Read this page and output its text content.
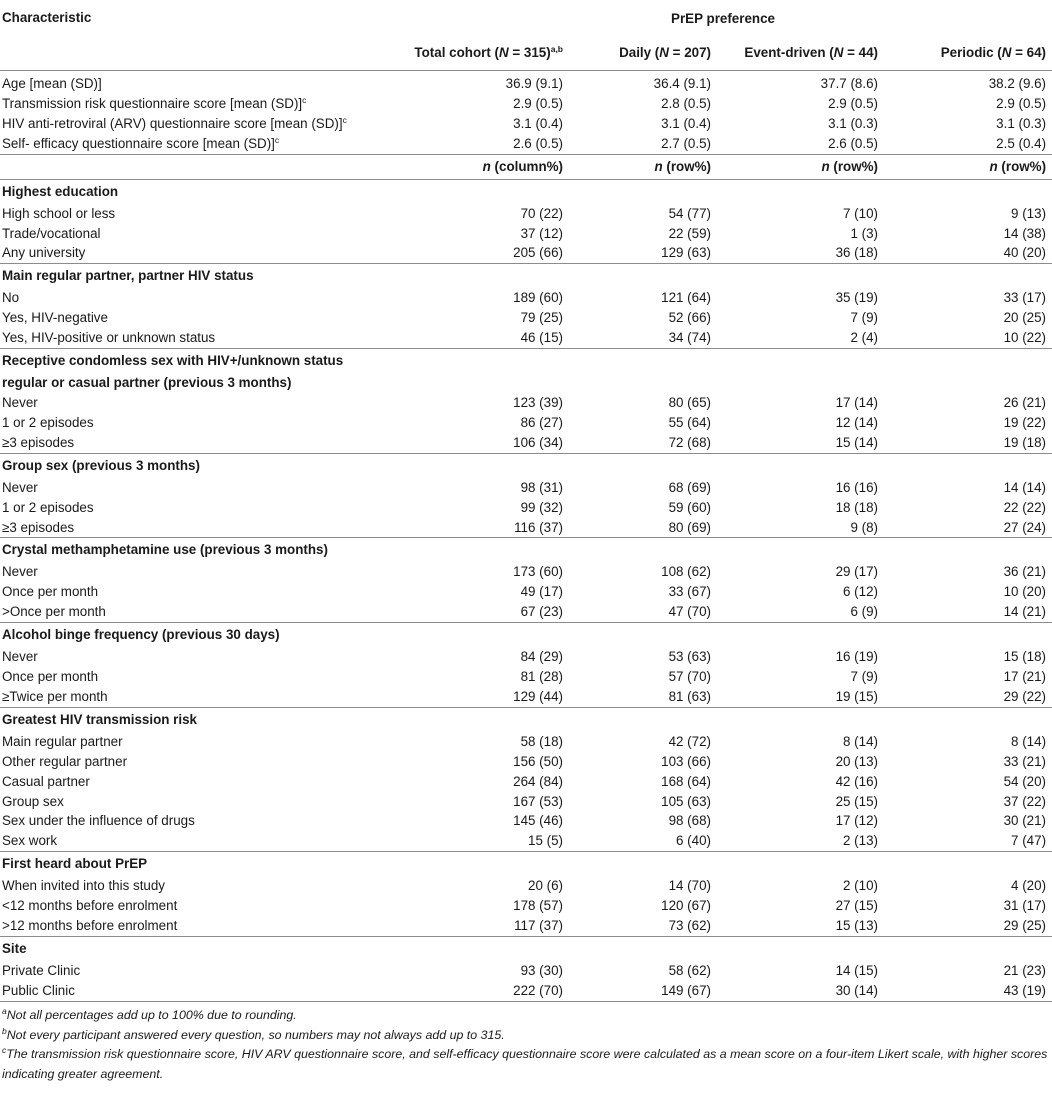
Characteristic	PrEP preference			
	Total cohort (N = 315)$^{a,b}$	Daily (N = 207)	Event-driven (N = 44)	Periodic (N = 64)
Age [mean (SD)]	36.9 (9.1)	36.4 (9.1)	37.7 (8.6)	38.2 (9.6)
Transmission risk questionnaire score [mean (SD)]$^c$	2.9 (0.5)	2.8 (0.5)	2.9 (0.5)	2.9 (0.5)
HIV anti-retroviral (ARV) questionnaire score [mean (SD)]$^c$	3.1 (0.4)	3.1 (0.4)	3.1 (0.3)	3.1 (0.3)
Self- efficacy questionnaire score [mean (SD)]$^c$	2.6 (0.5)	2.7 (0.5)	2.6 (0.5)	2.5 (0.4)
	n (column%)	n (row%)	n (row%)	n (row%)
Highest education				
High school or less	70 (22)	54 (77)	7 (10)	9 (13)
Trade/vocational	37 (12)	22 (59)	1 (3)	14 (38)
Any university	205 (66)	129 (63)	36 (18)	40 (20)
Main regular partner, partner HIV status				
No	189 (60)	121 (64)	35 (19)	33 (17)
Yes, HIV-negative	79 (25)	52 (66)	7 (9)	20 (25)
Yes, HIV-positive or unknown status	46 (15)	34 (74)	2 (4)	10 (22)
Receptive condomless sex with HIV+/unknown status				
regular or casual partner (previous 3 months)				
Never	123 (39)	80 (65)	17 (14)	26 (21)
1 or 2 episodes	86 (27)	55 (64)	12 (14)	19 (22)
≥3 episodes	106 (34)	72 (68)	15 (14)	19 (18)
Group sex (previous 3 months)				
Never	98 (31)	68 (69)	16 (16)	14 (14)
1 or 2 episodes	99 (32)	59 (60)	18 (18)	22 (22)
≥3 episodes	116 (37)	80 (69)	9 (8)	27 (24)
Crystal methamphetamine use (previous 3 months)				
Never	173 (60)	108 (62)	29 (17)	36 (21)
Once per month	49 (17)	33 (67)	6 (12)	10 (20)
>Once per month	67 (23)	47 (70)	6 (9)	14 (21)
Alcohol binge frequency (previous 30 days)				
Never	84 (29)	53 (63)	16 (19)	15 (18)
Once per month	81 (28)	57 (70)	7 (9)	17 (21)
≥Twice per month	129 (44)	81 (63)	19 (15)	29 (22)
Greatest HIV transmission risk				
Main regular partner	58 (18)	42 (72)	8 (14)	8 (14)
Other regular partner	156 (50)	103 (66)	20 (13)	33 (21)
Casual partner	264 (84)	168 (64)	42 (16)	54 (20)
Group sex	167 (53)	105 (63)	25 (15)	37 (22)
Sex under the influence of drugs	145 (46)	98 (68)	17 (12)	30 (21)
Sex work	15 (5)	6 (40)	2 (13)	7 (47)
First heard about PrEP				
When invited into this study	20 (6)	14 (70)	2 (10)	4 (20)
<12 months before enrolment	178 (57)	120 (67)	27 (15)	31 (17)
>12 months before enrolment	117 (37)	73 (62)	15 (13)	29 (25)
Site				
Private Clinic	93 (30)	58 (62)	14 (15)	21 (23)
Public Clinic	222 (70)	149 (67)	30 (14)	43 (19)
$^a$Not all percentages add up to 100% due to rounding.
$^b$Not every participant answered every question, so numbers may not always add up to 315.
$^c$The transmission risk questionnaire score, HIV ARV questionnaire score, and self-efficacy questionnaire score were calculated as a mean score on a four-item Likert scale, with higher scores indicating greater agreement.
